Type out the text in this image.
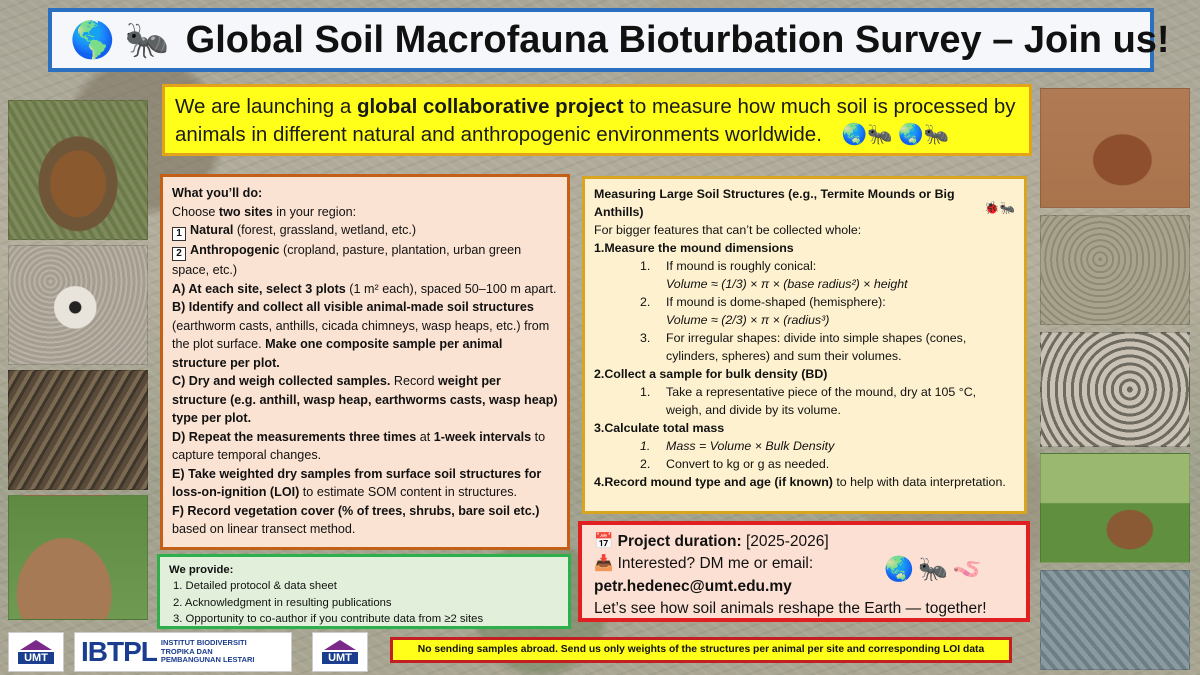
🌎 🐜 Global Soil Macrofauna Bioturbation Survey – Join us!
We are launching a global collaborative project to measure how much soil is processed by animals in different natural and anthropogenic environments worldwide. 🌏🐜 🌏🐜

What you’ll do:

Choose two sites in your region:

1 Natural (forest, grassland, wetland, etc.)

2 Anthropogenic (cropland, pasture, plantation, urban green space, etc.)

A) At each site, select 3 plots (1 m² each), spaced 50–100 m apart.

B) Identify and collect all visible animal-made soil structures (earthworm casts, anthills, cicada chimneys, wasp heaps, etc.) from the plot surface. Make one composite sample per animal structure per plot.

C) Dry and weigh collected samples. Record weight per structure (e.g. anthill, wasp heap, earthworms casts, wasp heap) type per plot.

D) Repeat the measurements three times at 1-week intervals to capture temporal changes.

E) Take weighted dry samples from surface soil structures for loss-on-ignition (LOI) to estimate SOM content in structures.

F) Record vegetation cover (% of trees, shrubs, bare soil etc.) based on linear transect method.

We provide:
1. Detailed protocol & data sheet
2. Acknowledgment in resulting publications
3. Opportunity to co-author if you contribute data from ≥2 sites
Measuring Large Soil Structures (e.g., Termite Mounds or Big Anthills)	🐞🐜
For bigger features that can’t be collected whole:
1.Measure the mound dimensions
1.	If mound is roughly conical:
Volume ≈ (1/3) × π × (base radius²) × height
2.	If mound is dome-shaped (hemisphere):
Volume ≈ (2/3) × π × (radius³)
3.	For irregular shapes: divide into simple shapes (cones, cylinders, spheres) and sum their volumes.
2.Collect a sample for bulk density (BD)
1.	Take a representative piece of the mound, dry at 105 °C, weigh, and divide by its volume.
3.Calculate total mass
1.	Mass = Volume × Bulk Density
2.	Convert to kg or g as needed.
4.Record mound type and age (if known) to help with data interpretation.
📅 Project duration: [2025-2026]
📥 Interested? DM me or email:
petr.hedenec@umt.edu.my
Let’s see how soil animals reshape the Earth — together!
🌏🐜🪱
UMT IBTPL INSTITUT BIODIVERSITI
TROPIKA DAN
PEMBANGUNAN LESTARI	UMT
No sending samples abroad. Send us only weights of the structures per animal per site and corresponding LOI data
